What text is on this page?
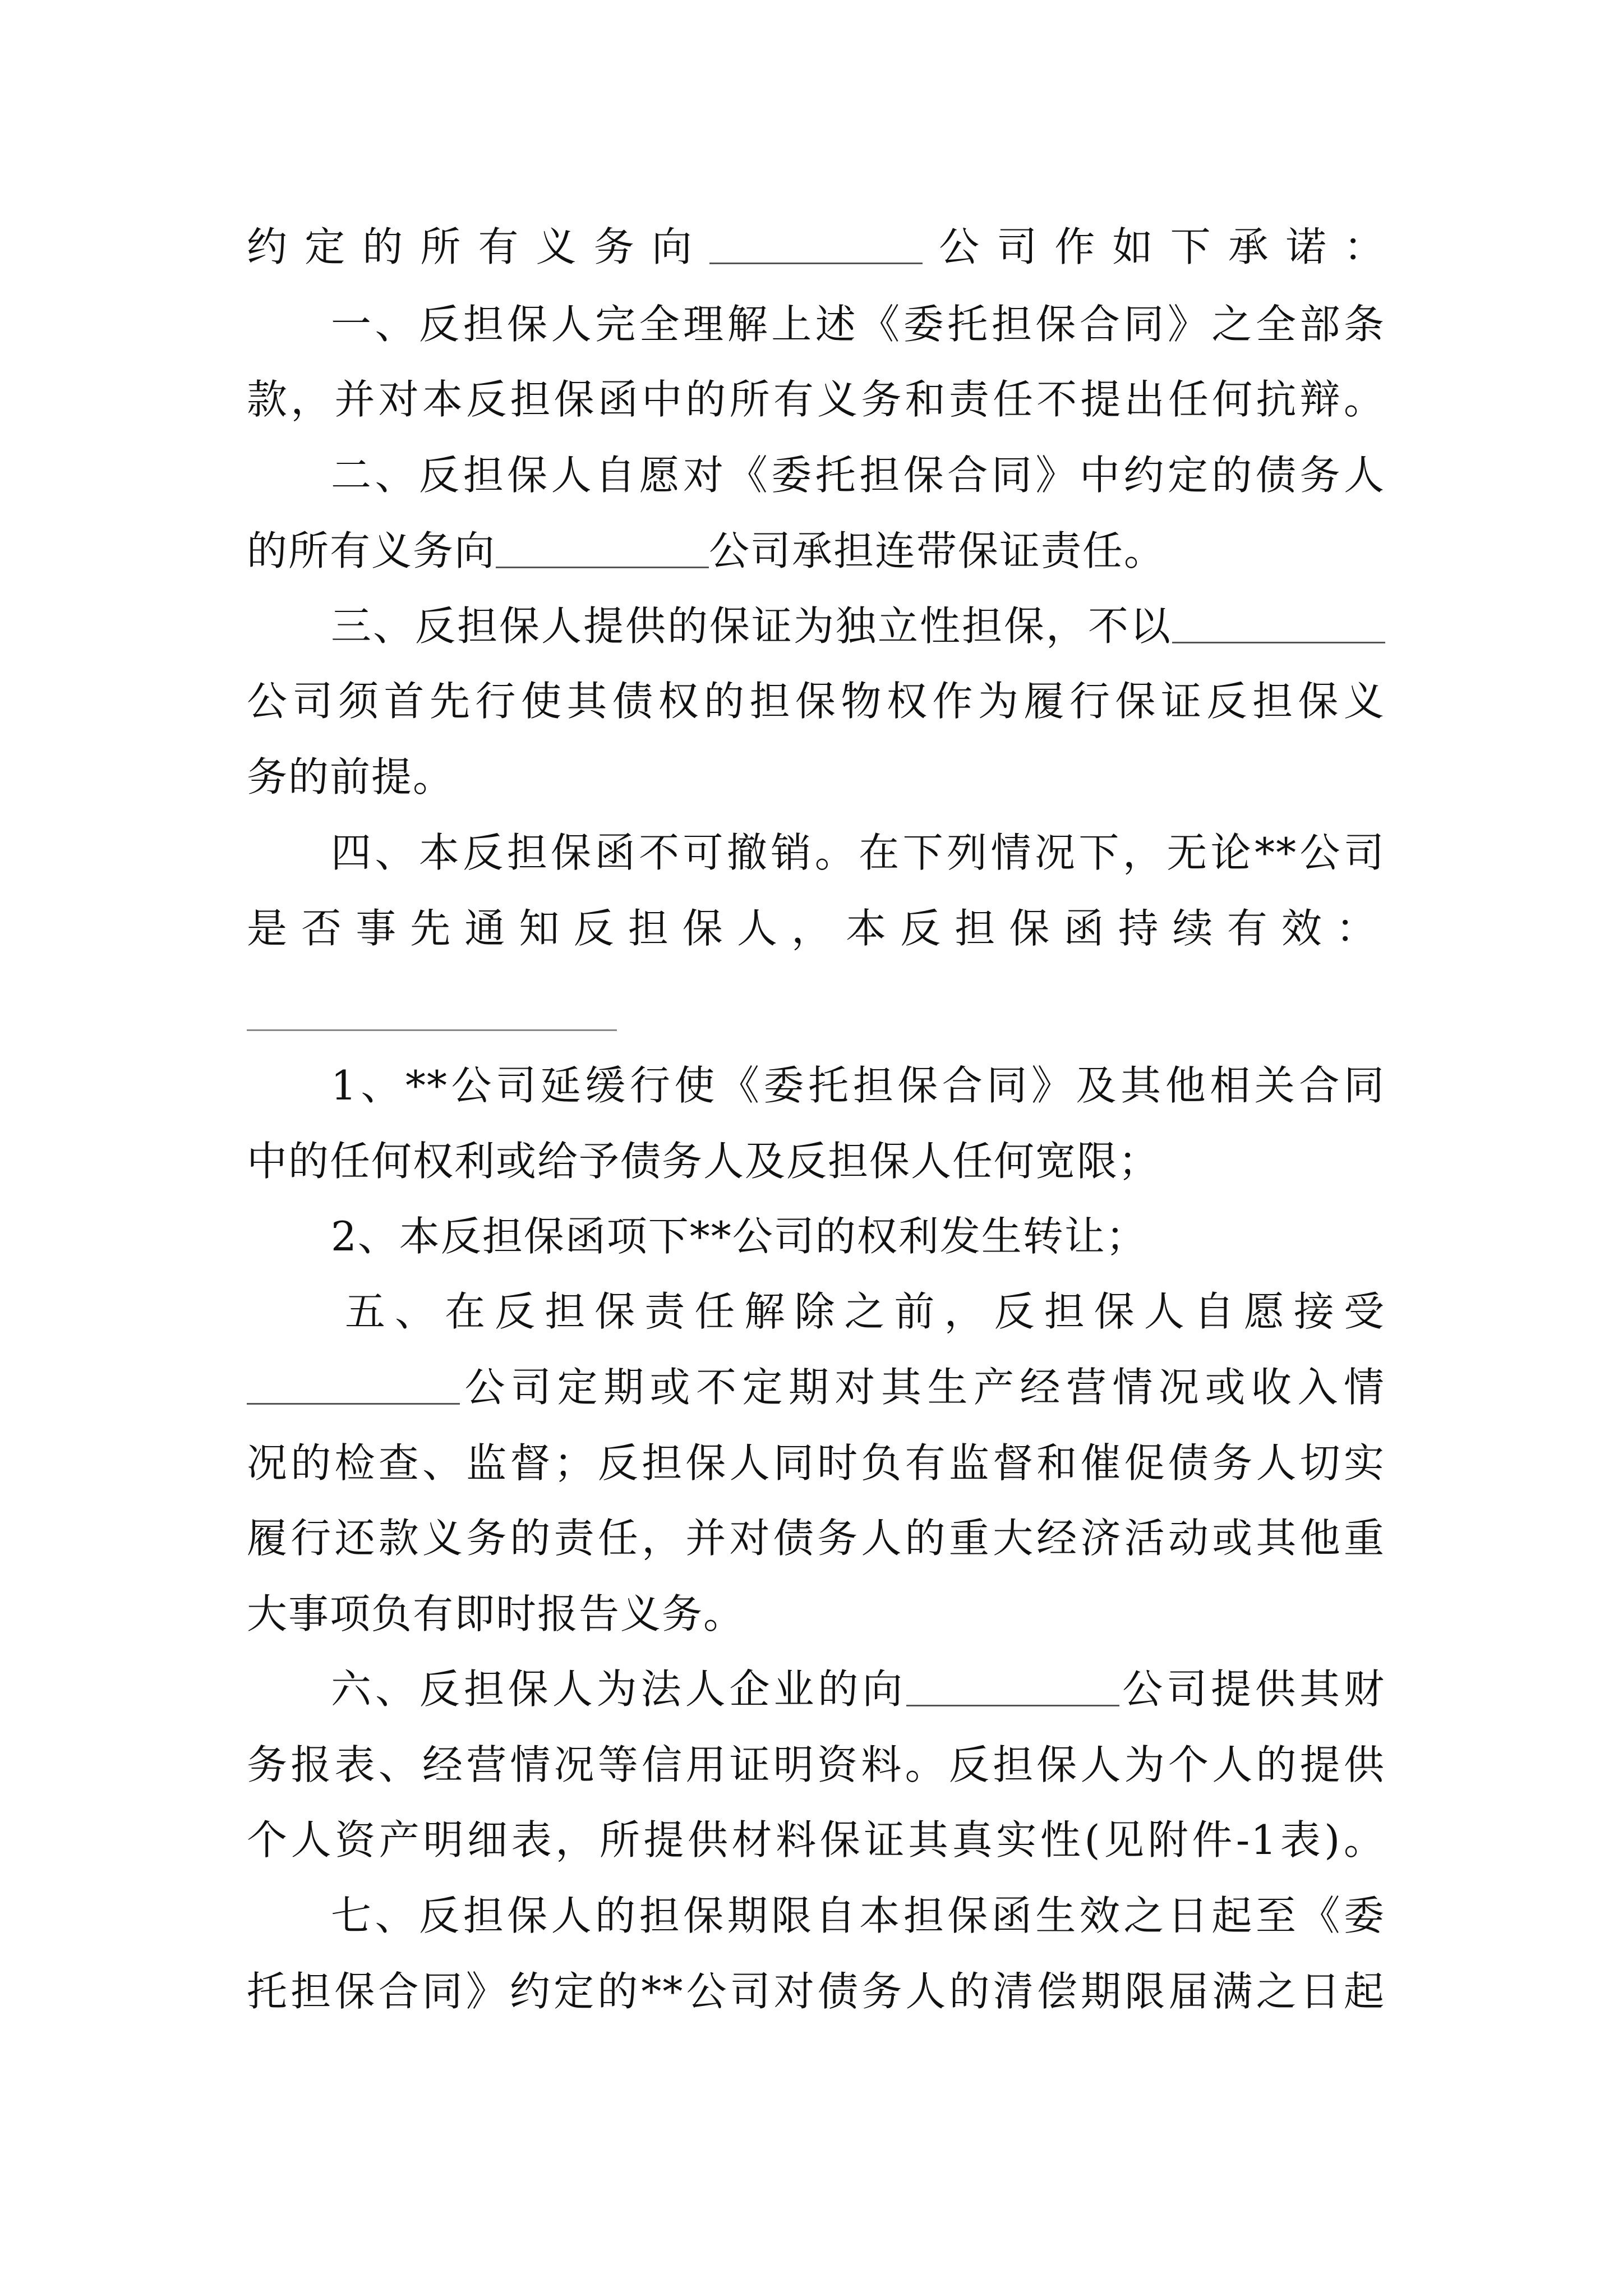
约定的所有义务向	公司作如下承诺：
一、反担保人完全理解上述《委托担保合同》之全部条
款，并对本反担保函中的所有义务和责任不提出任何抗辩。
二、反担保人自愿对《委托担保合同》中约定的债务人
的所有义务向	公司承担连带保证责任。
三、反担保人提供的保证为独立性担保，不以
公司须首先行使其债权的担保物权作为履行保证反担保义
务的前提。
四、本反担保函不可撤销。在下列情况下，无论**公司
是否事先通知反担保人，本反担保函持续有效：
1、**公司延缓行使《委托担保合同》及其他相关合同
中的任何权利或给予债务人及反担保人任何宽限；
2、本反担保函项下**公司的权利发生转让；
五、在反担保责任解除之前，反担保人自愿接受
公司定期或不定期对其生产经营情况或收入情
况的检查、监督；反担保人同时负有监督和催促债务人切实
履行还款义务的责任，并对债务人的重大经济活动或其他重
大事项负有即时报告义务。
六、反担保人为法人企业的向	公司提供其财
务报表、经营情况等信用证明资料。反担保人为个人的提供
个人资产明细表，所提供材料保证其真实性(见附件-1表)。
七、反担保人的担保期限自本担保函生效之日起至《委
托担保合同》约定的**公司对债务人的清偿期限届满之日起
